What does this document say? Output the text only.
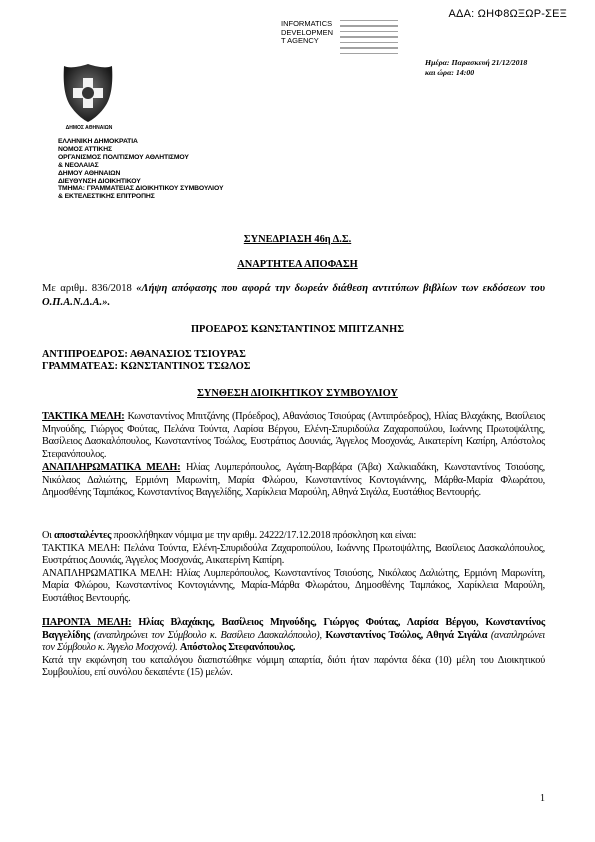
ΑΔΑ: ΩΗΦ8ΩΞΩΡ-ΣΕΞ
INFORMATICS
DEVELOPMEN
T AGENCY
Ημέρα: Παρασκευή 21/12/2018
και ώρα: 14:00
ΔΗΜΟΣ ΑΘΗΝΑΙΩΝ
ΕΛΛΗΝΙΚΗ ΔΗΜΟΚΡΑΤΙΑ
ΝΟΜΟΣ ΑΤΤΙΚΗΣ
ΟΡΓΑΝΙΣΜΟΣ ΠΟΛΙΤΙΣΜΟΥ ΑΘΛΗΤΙΣΜΟΥ
& ΝΕΟΛΑΙΑΣ
ΔΗΜΟΥ ΑΘΗΝΑΙΩΝ
ΔΙΕΥΘΥΝΣΗ ΔΙΟΙΚΗΤΙΚΟΥ
ΤΜΗΜΑ: ΓΡΑΜΜΑΤΕΙΑΣ ΔΙΟΙΚΗΤΙΚΟΥ ΣΥΜΒΟΥΛΙΟΥ
& ΕΚΤΕΛΕΣΤΙΚΗΣ ΕΠΙΤΡΟΠΗΣ
ΣΥΝΕΔΡΙΑΣΗ 46η Δ.Σ.
ΑΝΑΡΤΗΤΕΑ ΑΠΟΦΑΣΗ
Με αριθμ. 836/2018 «Λήψη απόφασης που αφορά την δωρεάν διάθεση αντιτύπων βιβλίων των εκδόσεων του Ο.Π.Α.Ν.Δ.Α.».
ΠΡΟΕΔΡΟΣ ΚΩΝΣΤΑΝΤΙΝΟΣ ΜΠΙΤΖΑΝΗΣ
ΑΝΤΙΠΡΟΕΔΡΟΣ: ΑΘΑΝΑΣΙΟΣ ΤΣΙΟΥΡΑΣ
ΓΡΑΜΜΑΤΕΑΣ: ΚΩΝΣΤΑΝΤΙΝΟΣ ΤΣΩΛΟΣ
ΣΥΝΘΕΣΗ ΔΙΟΙΚΗΤΙΚΟΥ ΣΥΜΒΟΥΛΙΟΥ
ΤΑΚΤΙΚΑ ΜΕΛΗ: Κωνσταντίνος Μπιτζάνης (Πρόεδρος), Αθανάσιος Τσιούρας (Αντιπρόεδρος), Ηλίας Βλαχάκης, Βασίλειος Μηνούδης, Γιώργος Φούτας, Πελάνα Τούντα, Λαρίσα Βέργου, Ελένη-Σπυριδούλα Ζαχαροπούλου, Ιωάννης Πρωτοψάλτης, Βασίλειος Δασκαλόπουλος, Κωνσταντίνος Τσώλος, Ευστράτιος Δουνιάς, Άγγελος Μοσχονάς, Αικατερίνη Καπίρη, Απόστολος Στεφανόπουλος.
ΑΝΑΠΛΗΡΩΜΑΤΙΚΑ ΜΕΛΗ: Ηλίας Λυμπερόπουλος, Αγάπη-Βαρβάρα (Άβα) Χαλκιαδάκη, Κωνσταντίνος Τσιούσης, Νικόλαος Δαλιώτης, Ερμιόνη Μαρωνίτη, Μαρία Φλώρου, Κωνσταντίνος Κοντογιάννης, Μάρθα-Μαρία Φλωράτου, Δημοσθένης Ταμπάκος, Κωνσταντίνος Βαγγελίδης, Χαρίκλεια Μαρούλη, Αθηνά Σιγάλα, Ευστάθιος Βεντουρής.

Οι αποσταλέντες προσκλήθηκαν νόμιμα με την αριθμ. 24222/17.12.2018 πρόσκληση και είναι:

ΤΑΚΤΙΚΑ ΜΕΛΗ: Πελάνα Τούντα, Ελένη-Σπυριδούλα Ζαχαροπούλου, Ιωάννης Πρωτοψάλτης, Βασίλειος Δασκαλόπουλος, Ευστράτιος Δουνιάς, Άγγελος Μοσχονάς, Αικατερίνη Καπίρη.

ΑΝΑΠΛΗΡΩΜΑΤΙΚΑ ΜΕΛΗ: Ηλίας Λυμπερόπουλος, Κωνσταντίνος Τσιούσης, Νικόλαος Δαλιώτης, Ερμιόνη Μαρωνίτη, Μαρία Φλώρου, Κωνσταντίνος Κοντογιάννης, Μαρία-Μάρθα Φλωράτου, Δημοσθένης Ταμπάκος, Χαρίκλεια Μαρούλη, Ευστάθιος Βεντουρής.

ΠΑΡΟΝΤΑ ΜΕΛΗ: Ηλίας Βλαχάκης, Βασίλειος Μηνούδης, Γιώργος Φούτας, Λαρίσα Βέργου, Κωνσταντίνος Βαγγελίδης (αναπληρώνει τον Σύμβουλο κ. Βασίλειο Δασκαλόπουλο), Κωνσταντίνος Τσώλος, Αθηνά Σιγάλα (αναπληρώνει τον Σύμβουλο κ. Άγγελο Μοσχονά). Απόστολος Στεφανόπουλος.

Κατά την εκφώνηση του καταλόγου διαπιστώθηκε νόμιμη απαρτία, διότι ήταν παρόντα δέκα (10) μέλη του Διοικητικού Συμβουλίου, επί συνόλου δεκαπέντε (15) μελών.

1
